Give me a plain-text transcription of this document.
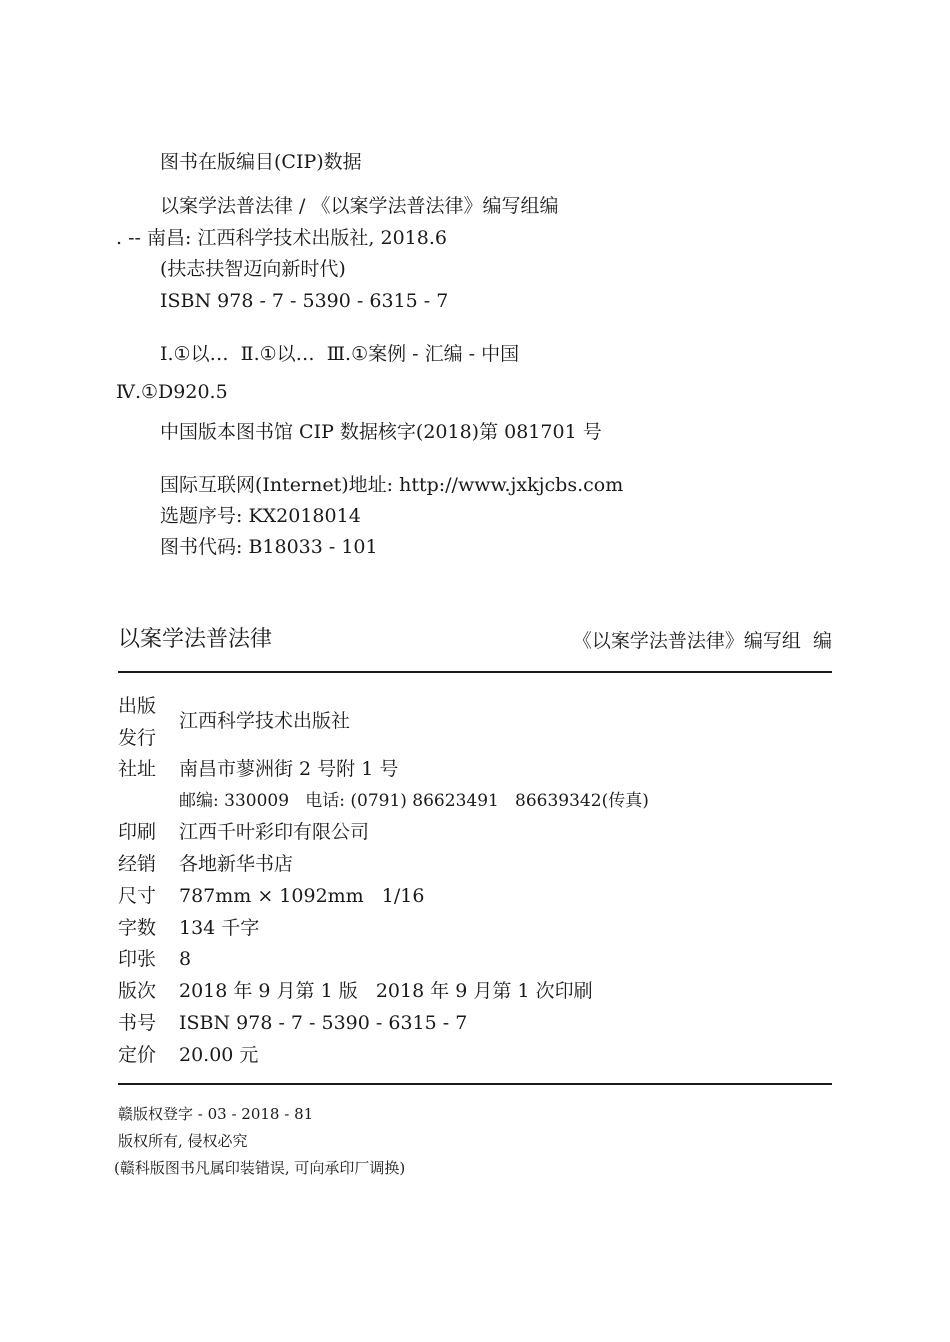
图书在版编目(CIP)数据
以案学法普法律 / 《以案学法普法律》编写组编
. -- 南昌: 江西科学技术出版社, 2018.6
(扶志扶智迈向新时代)
ISBN 978 - 7 - 5390 - 6315 - 7
Ⅰ.①以…  Ⅱ.①以…  Ⅲ.①案例 - 汇编 - 中国
Ⅳ.①D920.5
中国版本图书馆 CIP 数据核字(2018)第 081701 号
国际互联网(Internet)地址: http://www.jxkjcbs.com
选题序号: KX2018014
图书代码: B18033 - 101
以案学法普法律	《以案学法普法律》编写组  编
出版
发行
江西科学技术出版社

社址

南昌市蓼洲街 2 号附 1 号

邮编: 330009   电话: (0791) 86623491   86639342(传真)

印刷

江西千叶彩印有限公司

经销

各地新华书店

尺寸

787mm × 1092mm   1/16

字数

134 千字

印张

8

版次

2018 年 9 月第 1 版   2018 年 9 月第 1 次印刷

书号

ISBN 978 - 7 - 5390 - 6315 - 7

定价

20.00 元

赣版权登字 - 03 - 2018 - 81
版权所有, 侵权必究
(赣科版图书凡属印装错误, 可向承印厂调换)
